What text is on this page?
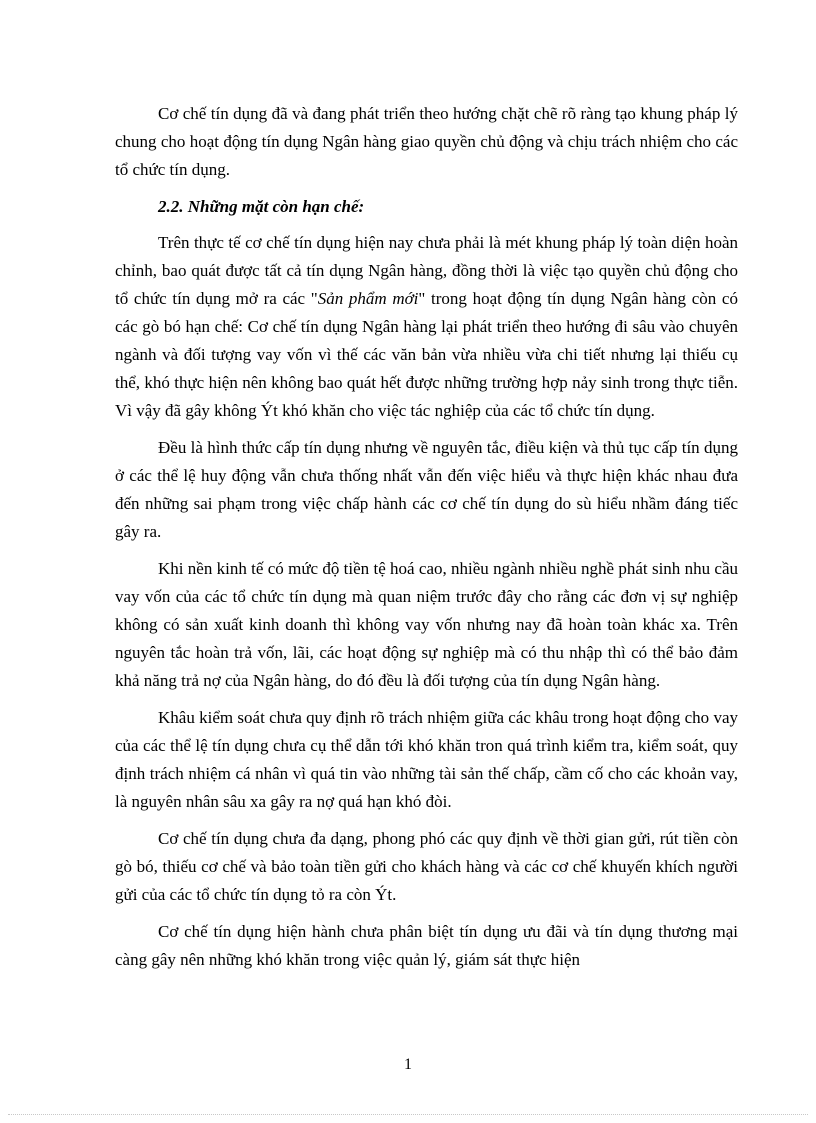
Cơ chế tín dụng đã và đang phát triển theo hướng chặt chẽ rõ ràng tạo khung pháp lý chung cho hoạt động tín dụng Ngân hàng giao quyền chủ động và chịu trách nhiệm cho các tổ chức tín dụng.

2.2. Những mặt còn hạn chế:

Trên thực tế cơ chế tín dụng hiện nay chưa phải là mét khung pháp lý toàn diện hoàn chỉnh, bao quát được tất cả tín dụng Ngân hàng, đồng thời là việc tạo quyền chủ động cho tổ chức tín dụng mở ra các "Sản phẩm mới" trong hoạt động tín dụng Ngân hàng còn có các gò bó hạn chế: Cơ chế tín dụng Ngân hàng lại phát triển theo hướng đi sâu vào chuyên ngành và đối tượng vay vốn vì thế các văn bản vừa nhiều vừa chi tiết nhưng lại thiếu cụ thể, khó thực hiện nên không bao quát hết được những trường hợp nảy sinh trong thực tiễn. Vì vậy đã gây không Ýt khó khăn cho việc tác nghiệp của các tổ chức tín dụng.

Đều là hình thức cấp tín dụng nhưng về nguyên tắc, điều kiện và thủ tục cấp tín dụng ở các thể lệ huy động vẫn chưa thống nhất vẫn đến việc hiểu và thực hiện khác nhau đưa đến những sai phạm trong việc chấp hành các cơ chế tín dụng do sù hiểu nhầm đáng tiếc gây ra.

Khi nền kinh tế có mức độ tiền tệ hoá cao, nhiều ngành nhiều nghề phát sinh nhu cầu vay vốn của các tổ chức tín dụng mà quan niệm trước đây cho rằng các đơn vị sự nghiệp không có sản xuất kinh doanh thì không vay vốn nhưng nay đã hoàn toàn khác xa. Trên nguyên tắc hoàn trả vốn, lãi, các hoạt động sự nghiệp mà có thu nhập thì có thể bảo đảm khả năng trả nợ của Ngân hàng, do đó đều là đối tượng của tín dụng Ngân hàng.

Khâu kiểm soát chưa quy định rõ trách nhiệm giữa các khâu trong hoạt động cho vay của các thể lệ tín dụng chưa cụ thể dẫn tới khó khăn tron quá trình kiểm tra, kiểm soát, quy định trách nhiệm cá nhân vì quá tin vào những tài sản thế chấp, cầm cố cho các khoản vay, là nguyên nhân sâu xa gây ra nợ quá hạn khó đòi.

Cơ chế tín dụng chưa đa dạng, phong phó các quy định về thời gian gửi, rút tiền còn gò bó, thiếu cơ chế và bảo toàn tiền gửi cho khách hàng và các cơ chế khuyến khích người gửi của các tổ chức tín dụng tỏ ra còn Ýt.

Cơ chế tín dụng hiện hành chưa phân biệt tín dụng ưu đãi và tín dụng thương mại càng gây nên những khó khăn trong việc quản lý, giám sát thực hiện

1
